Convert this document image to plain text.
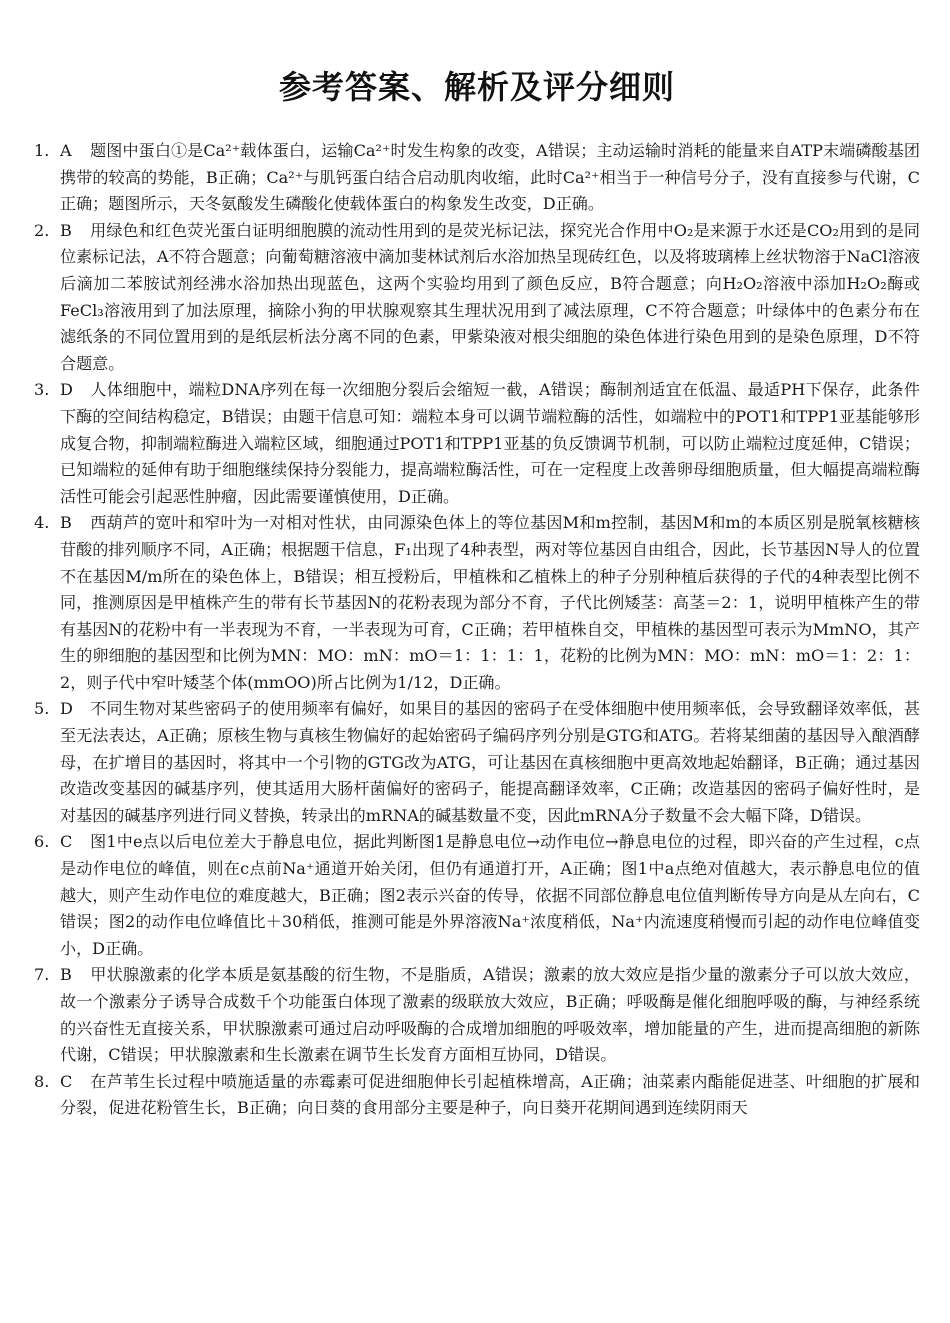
参考答案、解析及评分细则
1. A 题图中蛋白①是Ca²⁺载体蛋白，运输Ca²⁺时发生构象的改变，A错误；主动运输时消耗的能量来自ATP末端磷酸基团携带的较高的势能，B正确；Ca²⁺与肌钙蛋白结合启动肌肉收缩，此时Ca²⁺相当于一种信号分子，没有直接参与代谢，C正确；题图所示，天冬氨酸发生磷酸化使载体蛋白的构象发生改变，D正确。
2. B 用绿色和红色荧光蛋白证明细胞膜的流动性用到的是荧光标记法，探究光合作用中O₂是来源于水还是CO₂用到的是同位素标记法，A不符合题意；向葡萄糖溶液中滴加斐林试剂后水浴加热呈现砖红色，以及将玻璃棒上丝状物溶于NaCl溶液后滴加二苯胺试剂经沸水浴加热出现蓝色，这两个实验均用到了颜色反应，B符合题意；向H₂O₂溶液中添加H₂O₂酶或FeCl₃溶液用到了加法原理，摘除小狗的甲状腺观察其生理状况用到了减法原理，C不符合题意；叶绿体中的色素分布在滤纸条的不同位置用到的是纸层析法分离不同的色素，甲紫染液对根尖细胞的染色体进行染色用到的是染色原理，D不符合题意。
3. D 人体细胞中，端粒DNA序列在每一次细胞分裂后会缩短一截，A错误；酶制剂适宜在低温、最适PH下保存，此条件下酶的空间结构稳定，B错误；由题干信息可知：端粒本身可以调节端粒酶的活性，如端粒中的POT1和TPP1亚基能够形成复合物，抑制端粒酶进入端粒区域，细胞通过POT1和TPP1亚基的负反馈调节机制，可以防止端粒过度延伸，C错误；已知端粒的延伸有助于细胞继续保持分裂能力，提高端粒酶活性，可在一定程度上改善卵母细胞质量，但大幅提高端粒酶活性可能会引起恶性肿瘤，因此需要谨慎使用，D正确。
4. B 西葫芦的宽叶和窄叶为一对相对性状，由同源染色体上的等位基因M和m控制，基因M和m的本质区别是脱氧核糖核苷酸的排列顺序不同，A正确；根据题干信息，F₁出现了4种表型，两对等位基因自由组合，因此，长节基因N导人的位置不在基因M/m所在的染色体上，B错误；相互授粉后，甲植株和乙植株上的种子分别种植后获得的子代的4种表型比例不同，推测原因是甲植株产生的带有长节基因N的花粉表现为部分不育，子代比例矮茎：高茎＝2：1，说明甲植株产生的带有基因N的花粉中有一半表现为不育，一半表现为可育，C正确；若甲植株自交，甲植株的基因型可表示为MmNO，其产生的卵细胞的基因型和比例为MN：MO：mN：mO＝1：1：1：1，花粉的比例为MN：MO：mN：mO＝1：2：1：2，则子代中窄叶矮茎个体(mmOO)所占比例为1/12，D正确。
5. D 不同生物对某些密码子的使用频率有偏好，如果目的基因的密码子在受体细胞中使用频率低，会导致翻译效率低，甚至无法表达，A正确；原核生物与真核生物偏好的起始密码子编码序列分别是GTG和ATG。若将某细菌的基因导入酿酒酵母，在扩增目的基因时，将其中一个引物的GTG改为ATG，可让基因在真核细胞中更高效地起始翻译，B正确；通过基因改造改变基因的碱基序列，使其适用大肠杆菌偏好的密码子，能提高翻译效率，C正确；改造基因的密码子偏好性时，是对基因的碱基序列进行同义替换，转录出的mRNA的碱基数量不变，因此mRNA分子数量不会大幅下降，D错误。
6. C 图1中e点以后电位差大于静息电位，据此判断图1是静息电位→动作电位→静息电位的过程，即兴奋的产生过程，c点是动作电位的峰值，则在c点前Na⁺通道开始关闭，但仍有通道打开，A正确；图1中a点绝对值越大，表示静息电位的值越大，则产生动作电位的难度越大，B正确；图2表示兴奋的传导，依据不同部位静息电位值判断传导方向是从左向右，C错误；图2的动作电位峰值比＋30稍低，推测可能是外界溶液Na⁺浓度稍低，Na⁺内流速度稍慢而引起的动作电位峰值变小，D正确。
7. B 甲状腺激素的化学本质是氨基酸的衍生物，不是脂质，A错误；激素的放大效应是指少量的激素分子可以放大效应，故一个激素分子诱导合成数千个功能蛋白体现了激素的级联放大效应，B正确；呼吸酶是催化细胞呼吸的酶，与神经系统的兴奋性无直接关系，甲状腺激素可通过启动呼吸酶的合成增加细胞的呼吸效率，增加能量的产生，进而提高细胞的新陈代谢，C错误；甲状腺激素和生长激素在调节生长发育方面相互协同，D错误。
8. C 在芦苇生长过程中喷施适量的赤霉素可促进细胞伸长引起植株增高，A正确；油菜素内酯能促进茎、叶细胞的扩展和分裂，促进花粉管生长，B正确；向日葵的食用部分主要是种子，向日葵开花期间遇到连续阴雨天
